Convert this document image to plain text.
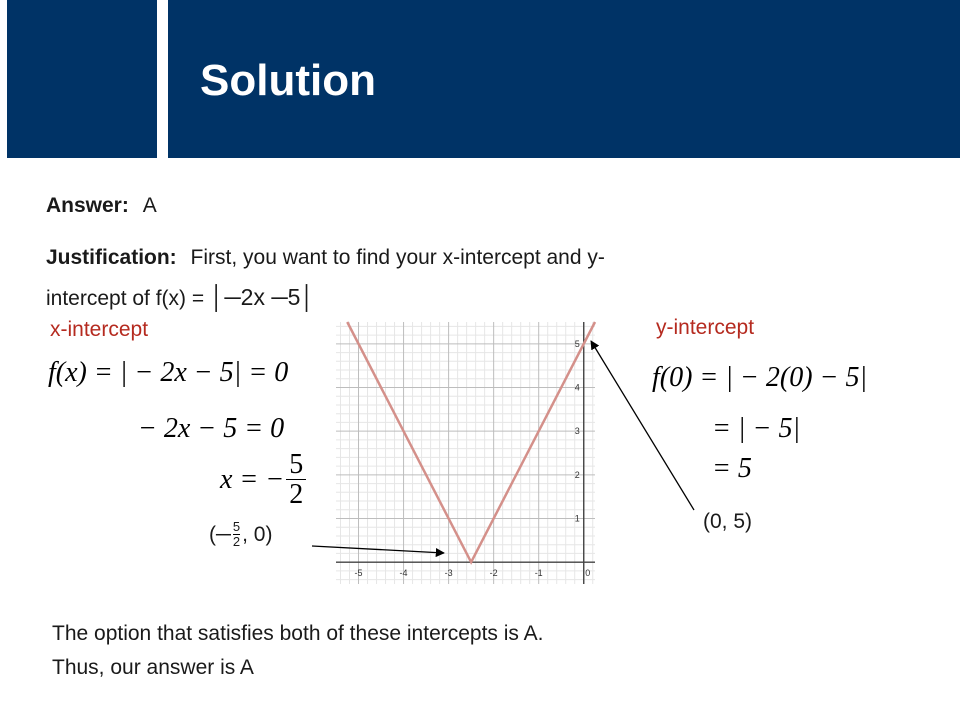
Solution
Answer: A
Justification: First, you want to find your x-intercept and y-
intercept of f(x) = │─2x ─5│
x-intercept
f(x) = | − 2x − 5| = 0
− 2x − 5 = 0
x = − $\frac{5}{2}$
(─ $\frac{5}{2}$ , 0)
y-intercept
f(0) = | − 2(0) − 5|
= | − 5|
= 5
(0, 5)
-5	-4	-3	-2	-1	0
1
2
3
4
5
The option that satisfies both of these intercepts is A.
Thus, our answer is A
